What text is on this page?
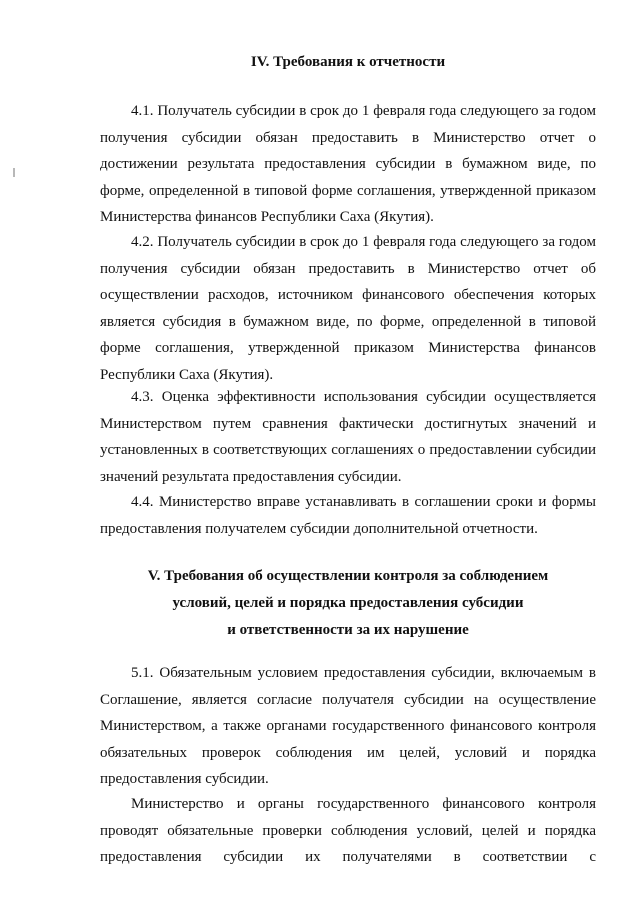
IV. Требования к отчетности

4.1. Получатель субсидии в срок до 1 февраля года следующего за годом получения субсидии обязан предоставить в Министерство отчет о достижении результата предоставления субсидии в бумажном виде, по форме, определенной в типовой форме соглашения, утвержденной приказом Министерства финансов Республики Саха (Якутия).

4.2. Получатель субсидии в срок до 1 февраля года следующего за годом получения субсидии обязан предоставить в Министерство отчет об осуществлении расходов, источником финансового обеспечения которых является субсидия в бумажном виде, по форме, определенной в типовой форме соглашения, утвержденной приказом Министерства финансов Республики Саха (Якутия).

4.3. Оценка эффективности использования субсидии осуществляется Министерством путем сравнения фактически достигнутых значений и установленных в соответствующих соглашениях о предоставлении субсидии значений результата предоставления субсидии.

4.4. Министерство вправе устанавливать в соглашении сроки и формы предоставления получателем субсидии дополнительной отчетности.

V. Требования об осуществлении контроля за соблюдением
условий, целей и порядка предоставления субсидии
и ответственности за их нарушение

5.1. Обязательным условием предоставления субсидии, включаемым в Соглашение, является согласие получателя субсидии на осуществление Министерством, а также органами государственного финансового контроля обязательных проверок соблюдения им целей, условий и порядка предоставления субсидии.

Министерство и органы государственного финансового контроля проводят обязательные проверки соблюдения условий, целей и порядка предоставления субсидии их получателями в соответствии с
